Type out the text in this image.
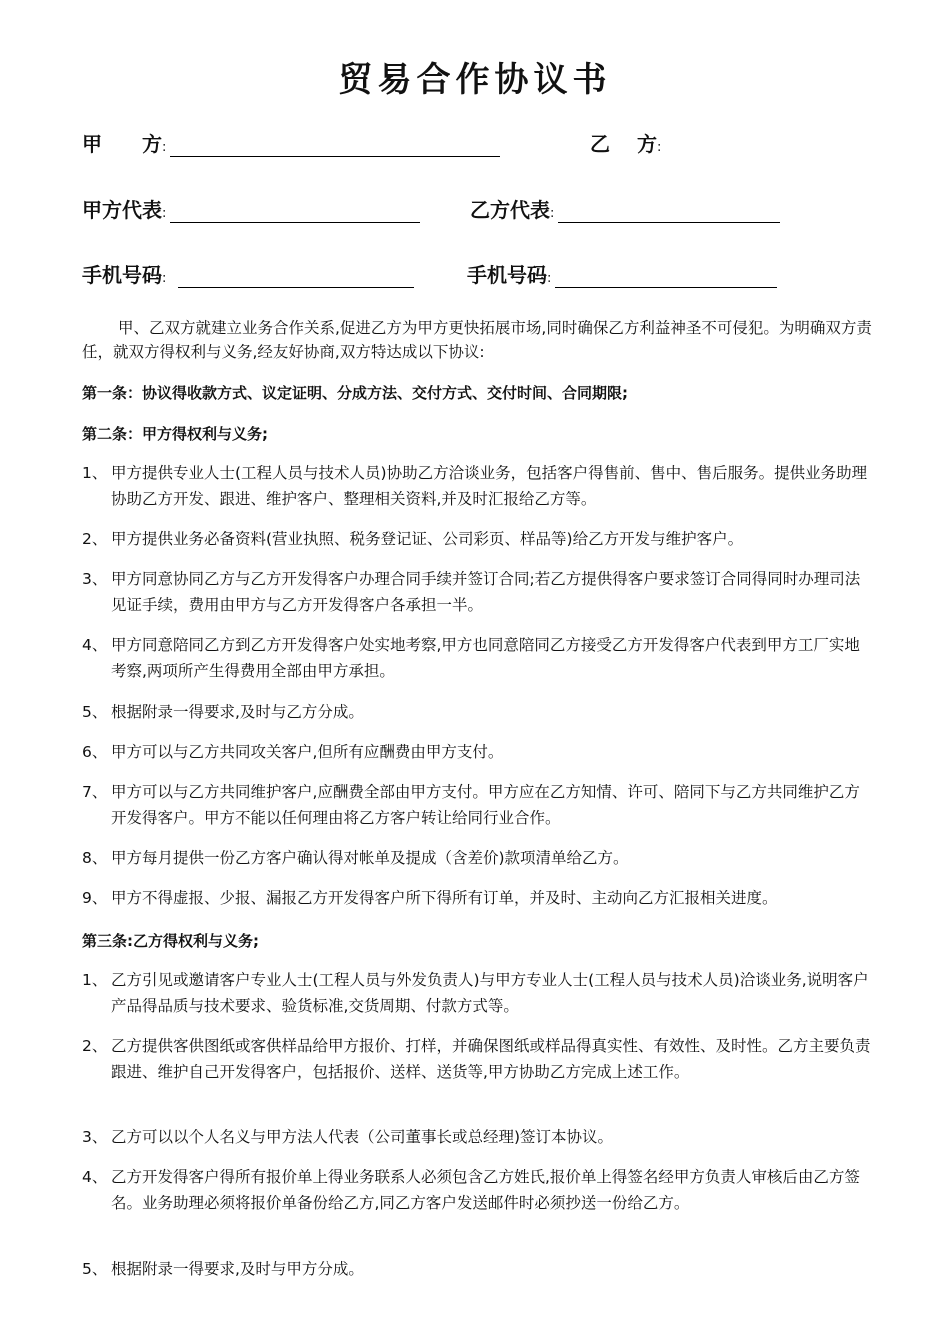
贸易合作协议书
甲　　方:	乙　 方:
甲方代表:	乙方代表:
手机号码:	手机号码:

甲、乙双方就建立业务合作关系,促进乙方为甲方更快拓展市场,同时确保乙方利益神圣不可侵犯。为明确双方责任，就双方得权利与义务,经友好协商,双方特达成以下协议:

第一条：协议得收款方式、议定证明、分成方法、交付方式、交付时间、合同期限;

第二条：甲方得权利与义务;

1、 甲方提供专业人士(工程人员与技术人员)协助乙方洽谈业务，包括客户得售前、售中、售后服务。提供业务助理协助乙方开发、跟进、维护客户、整理相关资料,并及时汇报给乙方等。
2、 甲方提供业务必备资料(营业执照、税务登记证、公司彩页、样品等)给乙方开发与维护客户。
3、 甲方同意协同乙方与乙方开发得客户办理合同手续并签订合同;若乙方提供得客户要求签订合同得同时办理司法见证手续，费用由甲方与乙方开发得客户各承担一半。
4、 甲方同意陪同乙方到乙方开发得客户处实地考察,甲方也同意陪同乙方接受乙方开发得客户代表到甲方工厂实地考察,两项所产生得费用全部由甲方承担。
5、 根据附录一得要求,及时与乙方分成。
6、 甲方可以与乙方共同攻关客户,但所有应酬费由甲方支付。
7、 甲方可以与乙方共同维护客户,应酬费全部由甲方支付。甲方应在乙方知情、许可、陪同下与乙方共同维护乙方开发得客户。甲方不能以任何理由将乙方客户转让给同行业合作。
8、 甲方每月提供一份乙方客户确认得对帐单及提成（含差价)款项清单给乙方。
9、 甲方不得虚报、少报、漏报乙方开发得客户所下得所有订单，并及时、主动向乙方汇报相关进度。

第三条:乙方得权利与义务;

1、 乙方引见或邀请客户专业人士(工程人员与外发负责人)与甲方专业人士(工程人员与技术人员)洽谈业务,说明客户产品得品质与技术要求、验货标准,交货周期、付款方式等。
2、 乙方提供客供图纸或客供样品给甲方报价、打样，并确保图纸或样品得真实性、有效性、及时性。乙方主要负责跟进、维护自己开发得客户，包括报价、送样、送货等,甲方协助乙方完成上述工作。
3、 乙方可以以个人名义与甲方法人代表（公司董事长或总经理)签订本协议。
4、 乙方开发得客户得所有报价单上得业务联系人必须包含乙方姓氏,报价单上得签名经甲方负责人审核后由乙方签名。业务助理必须将报价单备份给乙方,同乙方客户发送邮件时必须抄送一份给乙方。
5、 根据附录一得要求,及时与甲方分成。
